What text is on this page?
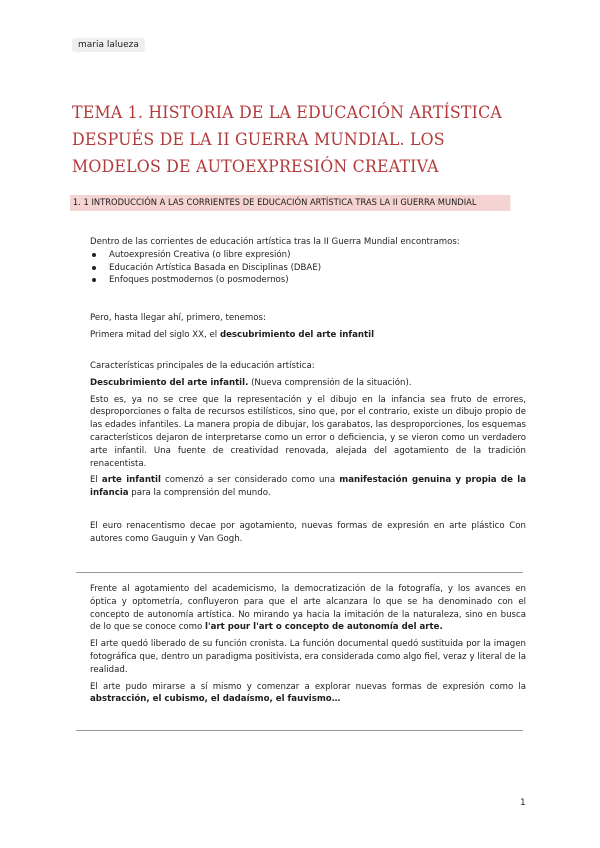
maria lalueza
TEMA 1. HISTORIA DE LA EDUCACIÓN ARTÍSTICA DESPUÉS DE LA II GUERRA MUNDIAL. LOS MODELOS DE AUTOEXPRESIÓN CREATIVA
1. 1 INTRODUCCIÓN A LAS CORRIENTES DE EDUCACIÓN ARTÍSTICA TRAS LA II GUERRA MUNDIAL

Dentro de las corrientes de educación artística tras la II Guerra Mundial encontramos:

Autoexpresión Creativa (o libre expresión)
Educación Artística Basada en Disciplinas (DBAE)
Enfoques postmodernos (o posmodernos)

Pero, hasta llegar ahí, primero, tenemos:

Primera mitad del siglo XX, el descubrimiento del arte infantil

Características principales de la educación artística:

Descubrimiento del arte infantil. (Nueva comprensión de la situación).

Esto es, ya no se cree que la representación y el dibujo en la infancia sea fruto de errores, desproporciones o falta de recursos estilísticos, sino que, por el contrario, existe un dibujo propio de las edades infantiles. La manera propia de dibujar, los garabatos, las desproporciones, los esquemas característicos dejaron de interpretarse como un error o deficiencia, y se vieron como un verdadero arte infantil. Una fuente de creatividad renovada, alejada del agotamiento de la tradición renacentista.

El arte infantil comenzó a ser considerado como una manifestación genuina y propia de la infancia para la comprensión del mundo.

El euro renacentismo decae por agotamiento, nuevas formas de expresión en arte plástico Con autores como Gauguin y Van Gogh.

Frente al agotamiento del academicismo, la democratización de la fotografía, y los avances en óptica y optometría, confluyeron para que el arte alcanzara lo que se ha denominado con el concepto de autonomía artística. No mirando ya hacia la imitación de la naturaleza, sino en busca de lo que se conoce como l'art pour l'art o concepto de autonomía del arte.

El arte quedó liberado de su función cronista. La función documental quedó sustituida por la imagen fotográfica que, dentro un paradigma positivista, era considerada como algo fiel, veraz y literal de la realidad.

El arte pudo mirarse a sí mismo y comenzar a explorar nuevas formas de expresión como la abstracción, el cubismo, el dadaísmo, el fauvismo…

1
